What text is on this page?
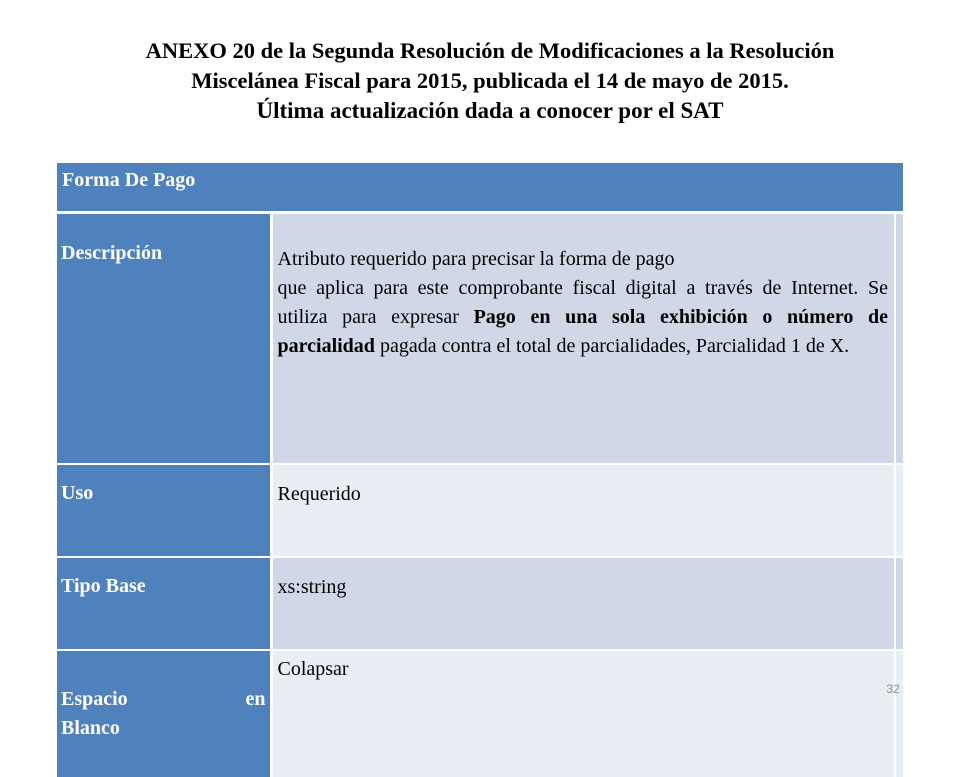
ANEXO 20 de la Segunda Resolución de Modificaciones a la Resolución
Miscelánea Fiscal para 2015, publicada el 14 de mayo de 2015.
Última actualización dada a conocer por el SAT
Forma De Pago		

Descripción	Atributo requerido para precisar la forma de pago
que aplica para este comprobante fiscal digital a través de Internet. Se utiliza para expresar Pago en una sola exhibición o número de parcialidad pagada contra el total de parcialidades, Parcialidad 1 de X.	

Uso	Requerido	
Tipo Base	xs:string	

Espacio en
Blanco	Colapsar	
32
